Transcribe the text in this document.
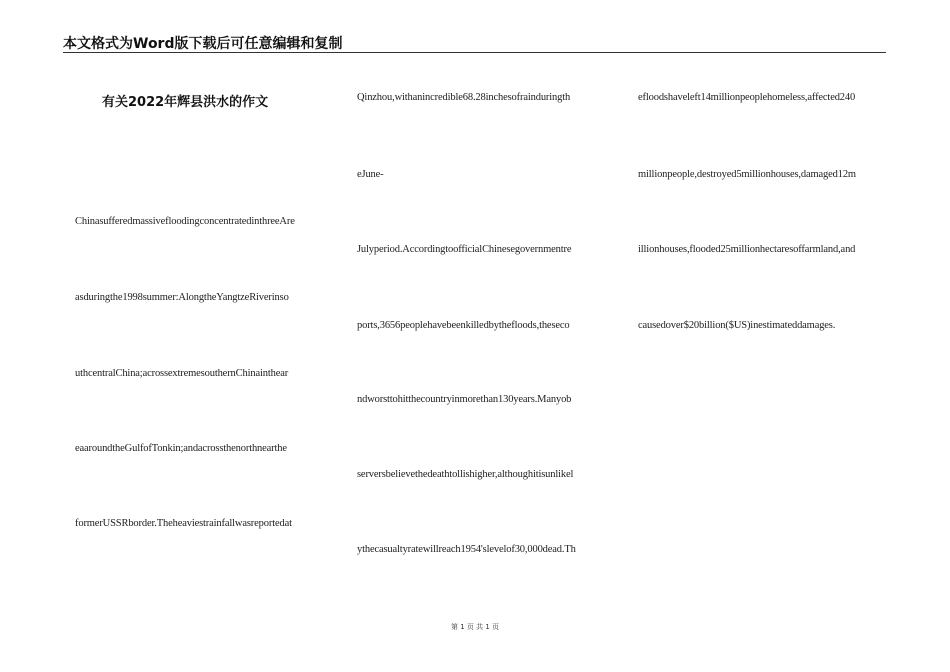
本文格式为Word版下载后可任意编辑和复制
有关2022年辉县洪水的作文
ChinasufferedmassivefloodingconcentratedinthreeAre
asduringthe1998summer:AlongtheYangtzeRiverinso
uthcentralChina;acrossextremesouthernChinainthear
eaaroundtheGulfofTonkin;andacrossthenorthnearthe
formerUSSRborder.Theheaviestrainfallwasreportedat
Qinzhou,withanincredible68.28inchesofrainduringth
eJune-
Julyperiod.AccordingtoofficialChinesegovernmentre
ports,3656peoplehavebeenkilledbythefloods,theseco
ndworsttohitthecountryinmorethan130years.Manyob
serversbelievethedeathtollishigher,althoughitisunlikel
ythecasualtyratewillreach1954'slevelof30,000dead.Th
efloodshaveleft14millionpeoplehomeless,affected240
millionpeople,destroyed5millionhouses,damaged12m
illionhouses,flooded25millionhectaresoffarmland,and
causedover$20billion($US)inestimateddamages.
第 1 页 共 1 页
